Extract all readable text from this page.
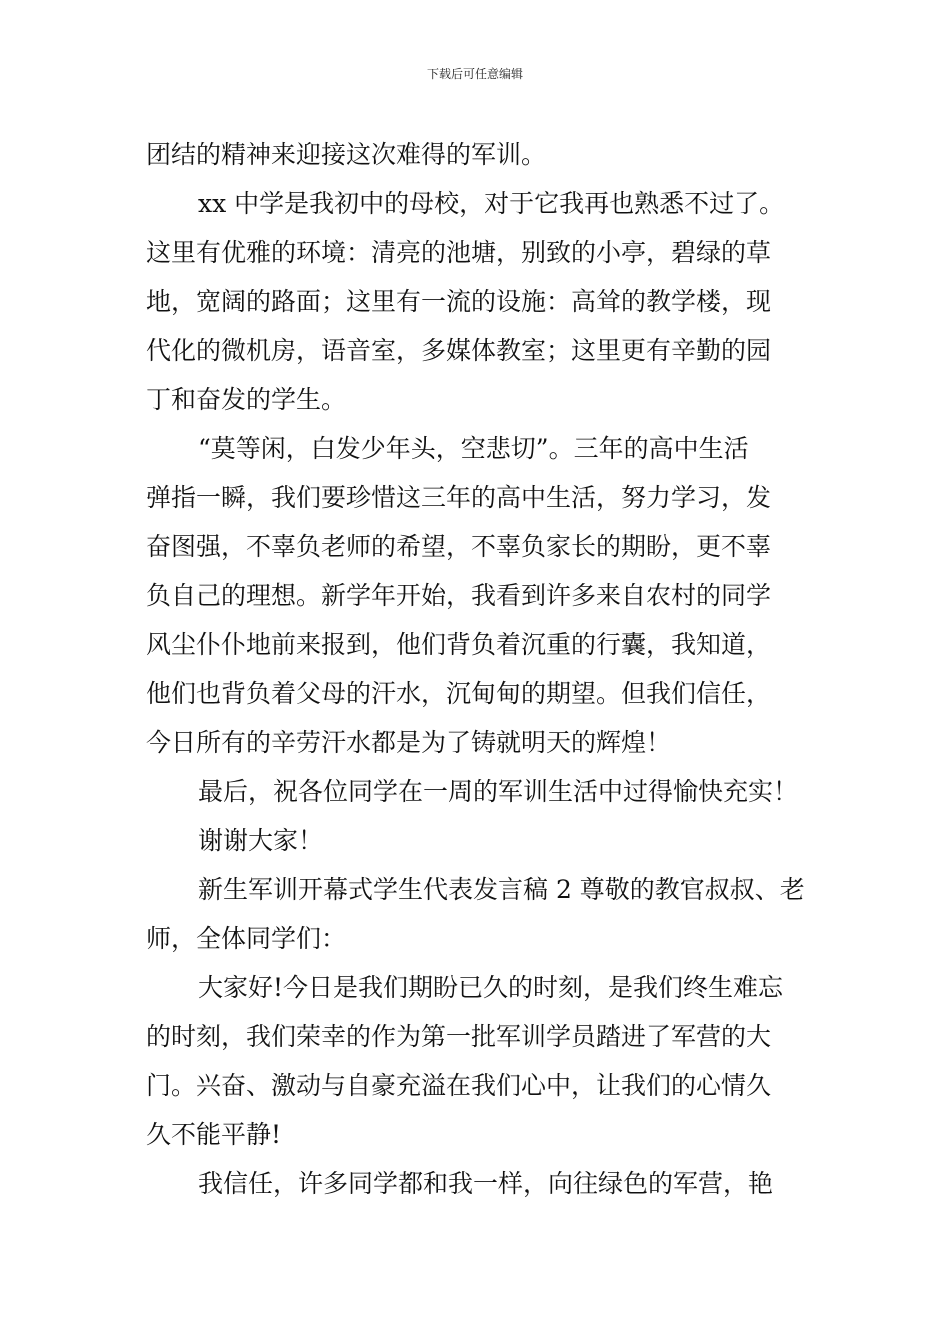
下载后可任意编辑
团结的精神来迎接这次难得的军训。
xx 中学是我初中的母校，对于它我再也熟悉不过了。
这里有优雅的环境：清亮的池塘，别致的小亭，碧绿的草
地，宽阔的路面；这里有一流的设施：高耸的教学楼，现
代化的微机房，语音室，多媒体教室；这里更有辛勤的园
丁和奋发的学生。
“莫等闲，白发少年头，空悲切”。三年的高中生活
弹指一瞬，我们要珍惜这三年的高中生活，努力学习，发
奋图强，不辜负老师的希望，不辜负家长的期盼，更不辜
负自己的理想。新学年开始，我看到许多来自农村的同学
风尘仆仆地前来报到，他们背负着沉重的行囊，我知道，
他们也背负着父母的汗水，沉甸甸的期望。但我们信任，
今日所有的辛劳汗水都是为了铸就明天的辉煌！
最后，祝各位同学在一周的军训生活中过得愉快充实！
谢谢大家！
新生军训开幕式学生代表发言稿 2 尊敬的教官叔叔、老
师，全体同学们：
大家好!今日是我们期盼已久的时刻，是我们终生难忘
的时刻，我们荣幸的作为第一批军训学员踏进了军营的大
门。兴奋、激动与自豪充溢在我们心中，让我们的心情久
久不能平静!
我信任，许多同学都和我一样，向往绿色的军营，艳
